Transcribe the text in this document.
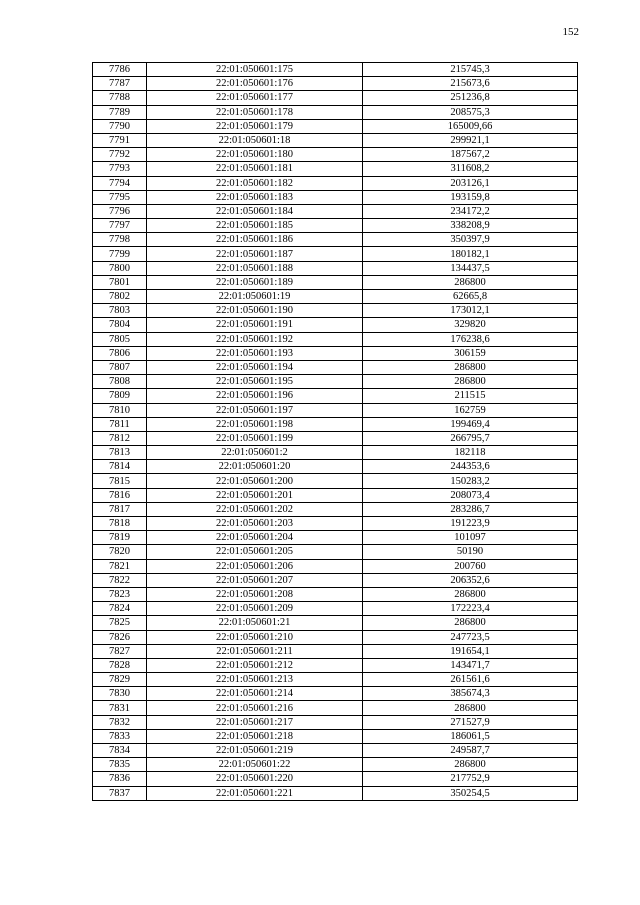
152
7786	22:01:050601:175	215745,3
7787	22:01:050601:176	215673,6
7788	22:01:050601:177	251236,8
7789	22:01:050601:178	208575,3
7790	22:01:050601:179	165009,66
7791	22:01:050601:18	299921,1
7792	22:01:050601:180	187567,2
7793	22:01:050601:181	311608,2
7794	22:01:050601:182	203126,1
7795	22:01:050601:183	193159,8
7796	22:01:050601:184	234172,2
7797	22:01:050601:185	338208,9
7798	22:01:050601:186	350397,9
7799	22:01:050601:187	180182,1
7800	22:01:050601:188	134437,5
7801	22:01:050601:189	286800
7802	22:01:050601:19	62665,8
7803	22:01:050601:190	173012,1
7804	22:01:050601:191	329820
7805	22:01:050601:192	176238,6
7806	22:01:050601:193	306159
7807	22:01:050601:194	286800
7808	22:01:050601:195	286800
7809	22:01:050601:196	211515
7810	22:01:050601:197	162759
7811	22:01:050601:198	199469,4
7812	22:01:050601:199	266795,7
7813	22:01:050601:2	182118
7814	22:01:050601:20	244353,6
7815	22:01:050601:200	150283,2
7816	22:01:050601:201	208073,4
7817	22:01:050601:202	283286,7
7818	22:01:050601:203	191223,9
7819	22:01:050601:204	101097
7820	22:01:050601:205	50190
7821	22:01:050601:206	200760
7822	22:01:050601:207	206352,6
7823	22:01:050601:208	286800
7824	22:01:050601:209	172223,4
7825	22:01:050601:21	286800
7826	22:01:050601:210	247723,5
7827	22:01:050601:211	191654,1
7828	22:01:050601:212	143471,7
7829	22:01:050601:213	261561,6
7830	22:01:050601:214	385674,3
7831	22:01:050601:216	286800
7832	22:01:050601:217	271527,9
7833	22:01:050601:218	186061,5
7834	22:01:050601:219	249587,7
7835	22:01:050601:22	286800
7836	22:01:050601:220	217752,9
7837	22:01:050601:221	350254,5
